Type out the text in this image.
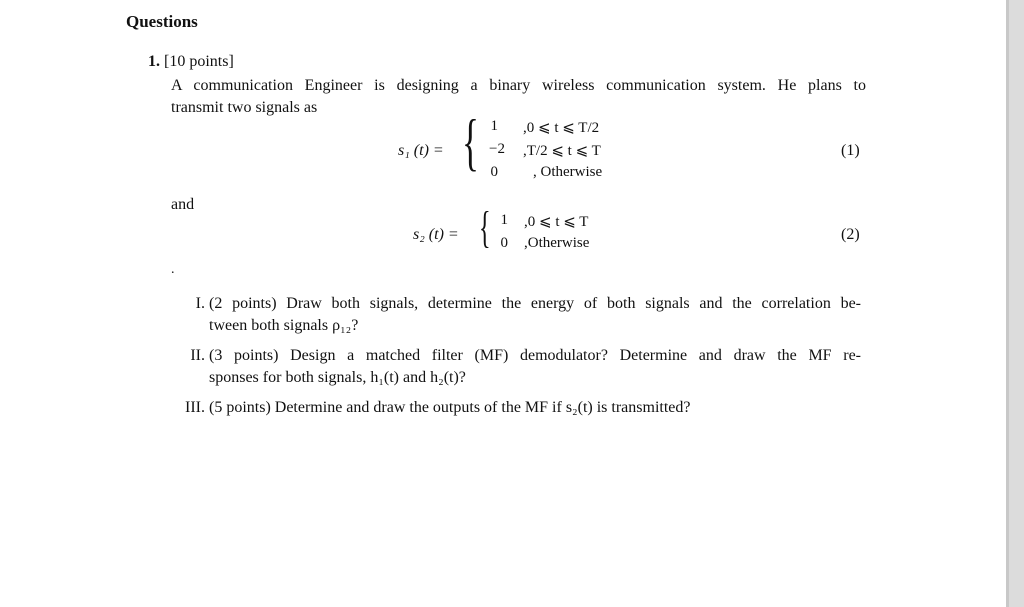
Questions
1. [10 points]
A communication Engineer is designing a binary wireless communication system. He plans to
transmit two signals as
s₁ (t) = { 1 ,0 ⩽ t ⩽ T/2
−2 ,T/2 ⩽ t ⩽ T
0 , Otherwise
(1)
and
s₂ (t) = { 1 ,0 ⩽ t ⩽ T
0 ,Otherwise	(2)
.
I. (2 points) Draw both signals, determine the energy of both signals and the correlation be-
tween both signals ρ₁₂?
II. (3 points) Design a matched filter (MF) demodulator? Determine and draw the MF re-
sponses for both signals, h₁(t) and h₂(t)?
III. (5 points) Determine and draw the outputs of the MF if s₂(t) is transmitted?
